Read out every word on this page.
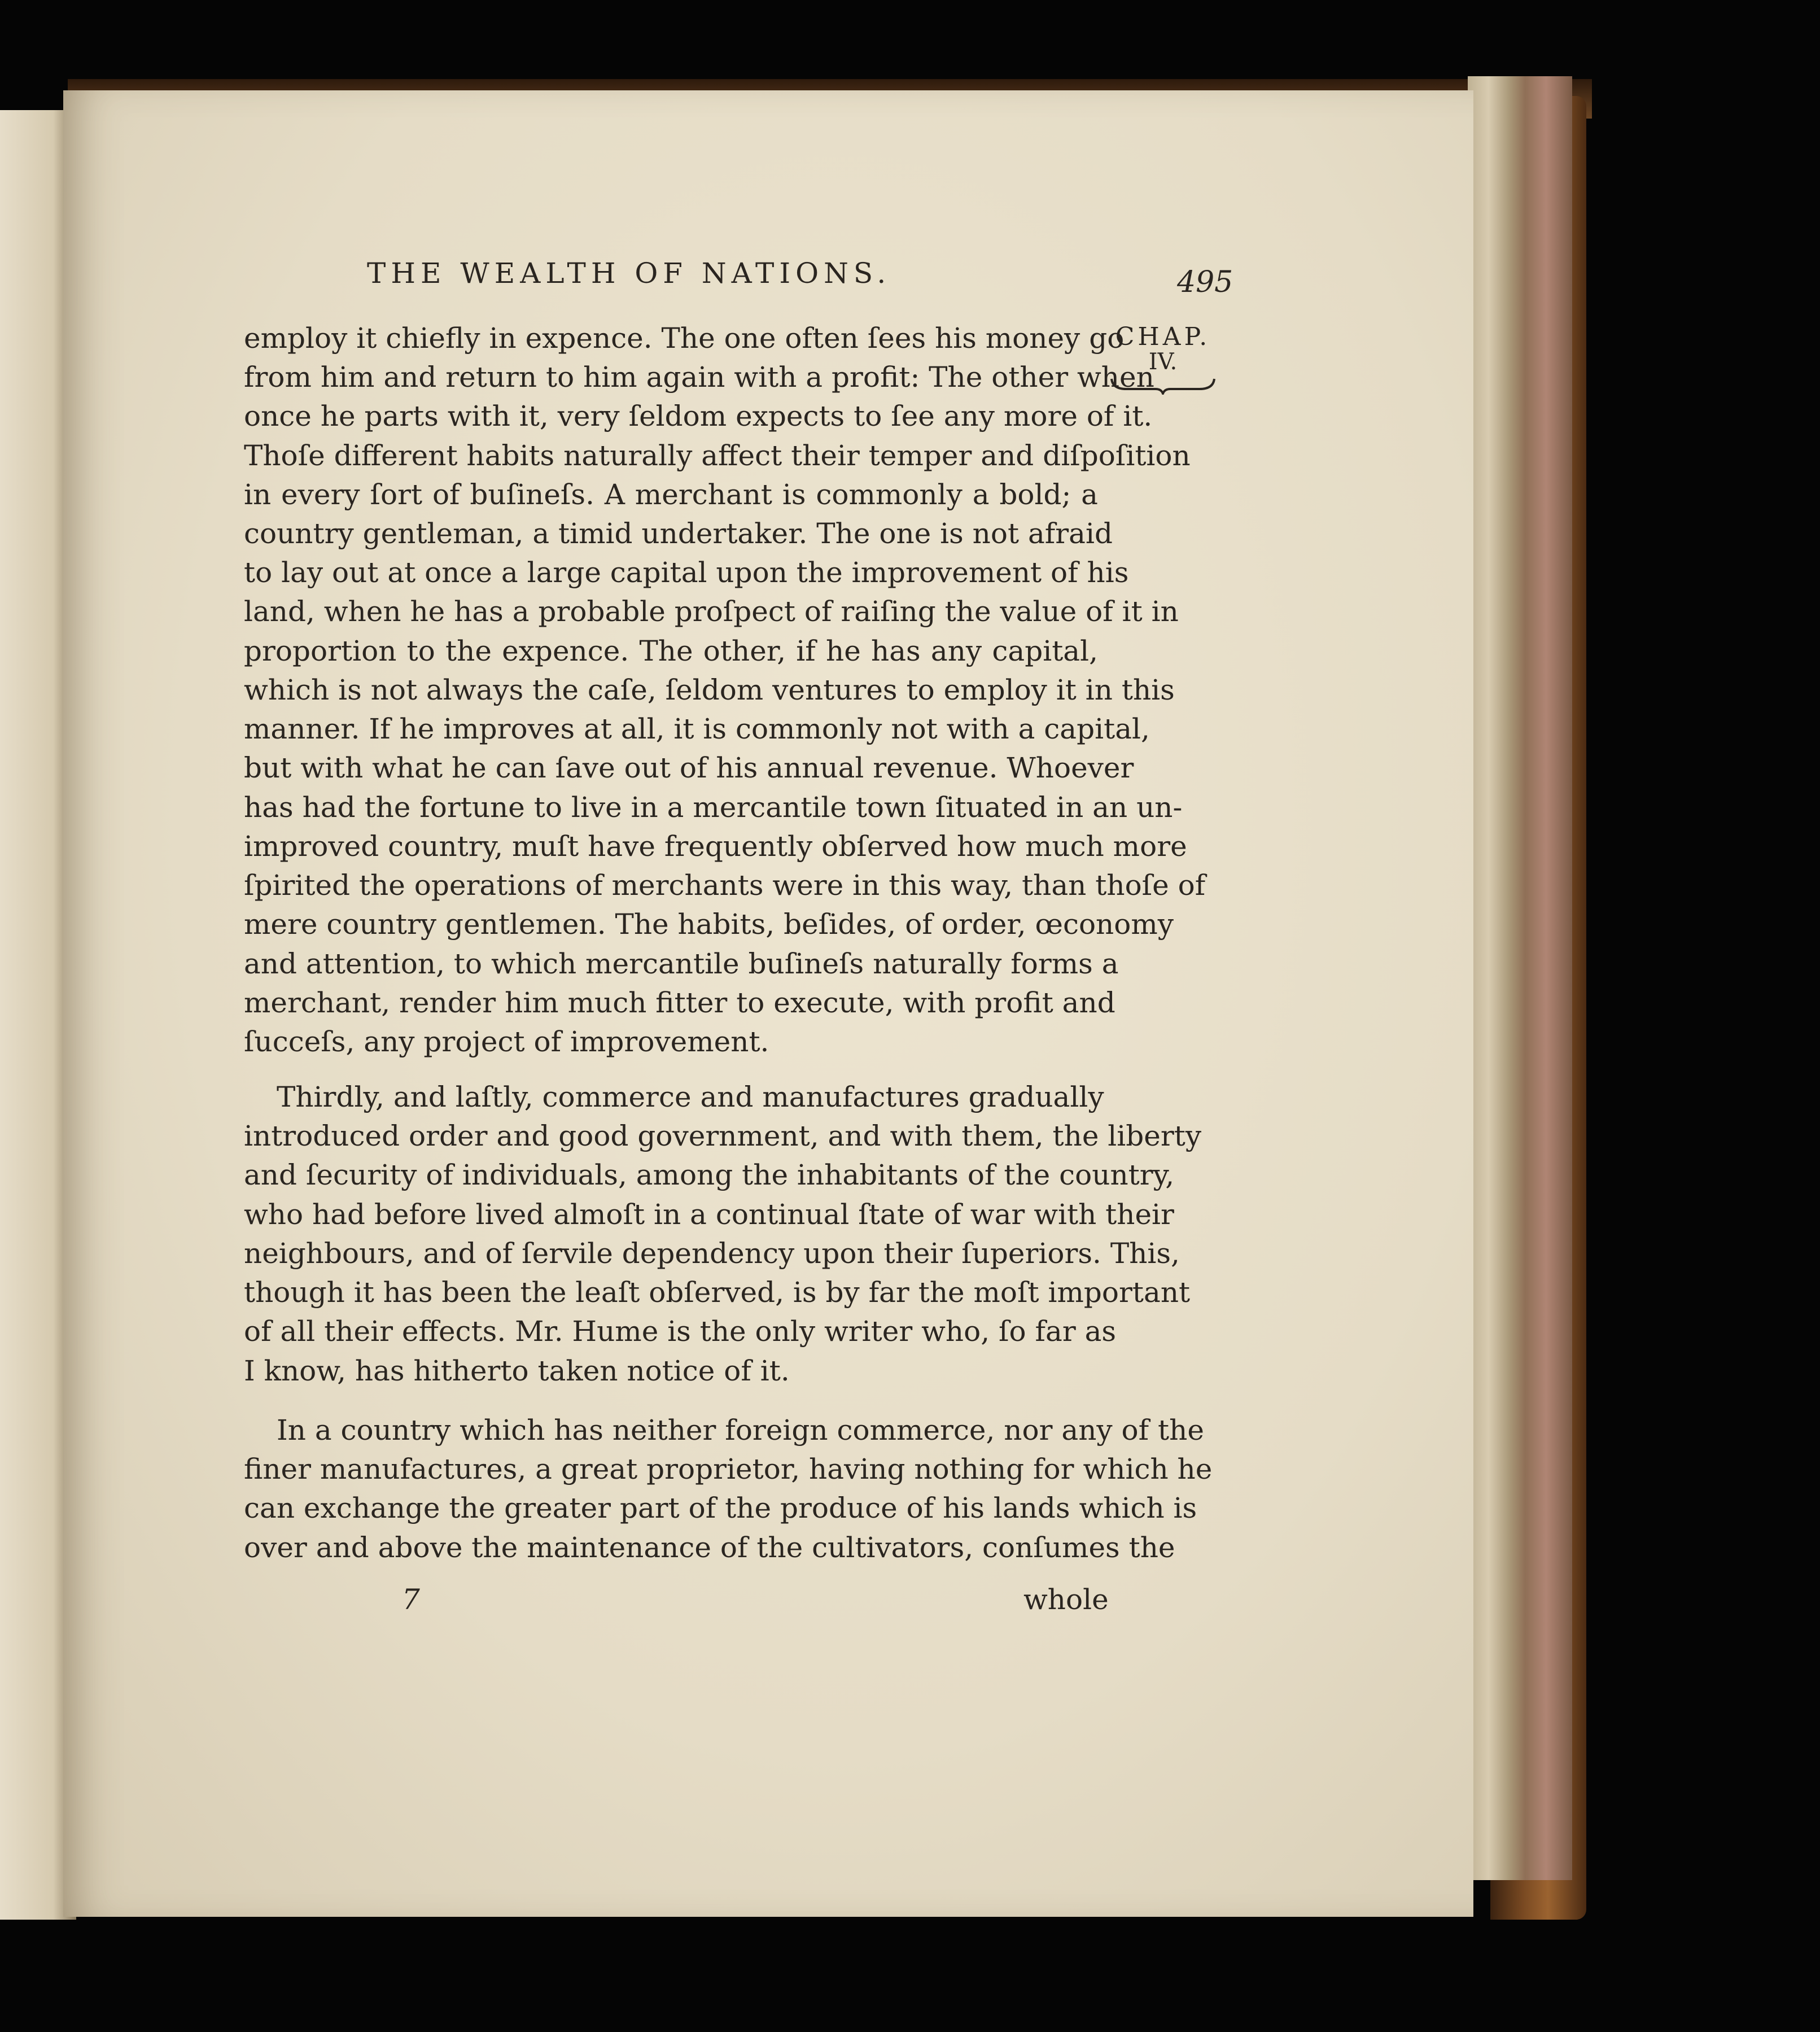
THE WEALTH OF NATIONS.	495
CHAP.
IV.
employ it chiefly in expence. The one often ſees his money go
from him and return to him again with a profit: The other when
once he parts with it, very ſeldom expects to ſee any more of it.
Thoſe different habits naturally affect their temper and diſpoſition
in every ſort of buſineſs. A merchant is commonly a bold; a
country gentleman, a timid undertaker. The one is not afraid
to lay out at once a large capital upon the improvement of his
land, when he has a probable proſpect of raiſing the value of it in
proportion to the expence. The other, if he has any capital,
which is not always the caſe, ſeldom ventures to employ it in this
manner. If he improves at all, it is commonly not with a capital,
but with what he can ſave out of his annual revenue. Whoever
has had the fortune to live in a mercantile town ſituated in an un-
improved country, muſt have frequently obſerved how much more
ſpirited the operations of merchants were in this way, than thoſe of
mere country gentlemen. The habits, beſides, of order, œconomy
and attention, to which mercantile buſineſs naturally forms a
merchant, render him much fitter to execute, with profit and
ſucceſs, any project of improvement.
Thirdly, and laſtly, commerce and manufactures gradually
introduced order and good government, and with them, the liberty
and ſecurity of individuals, among the inhabitants of the country,
who had before lived almoſt in a continual ſtate of war with their
neighbours, and of ſervile dependency upon their ſuperiors. This,
though it has been the leaſt obſerved, is by far the moſt important
of all their effects. Mr. Hume is the only writer who, ſo far as
I know, has hitherto taken notice of it.
In a country which has neither foreign commerce, nor any of the
finer manufactures, a great proprietor, having nothing for which he
can exchange the greater part of the produce of his lands which is
over and above the maintenance of the cultivators, conſumes the
7	whole
